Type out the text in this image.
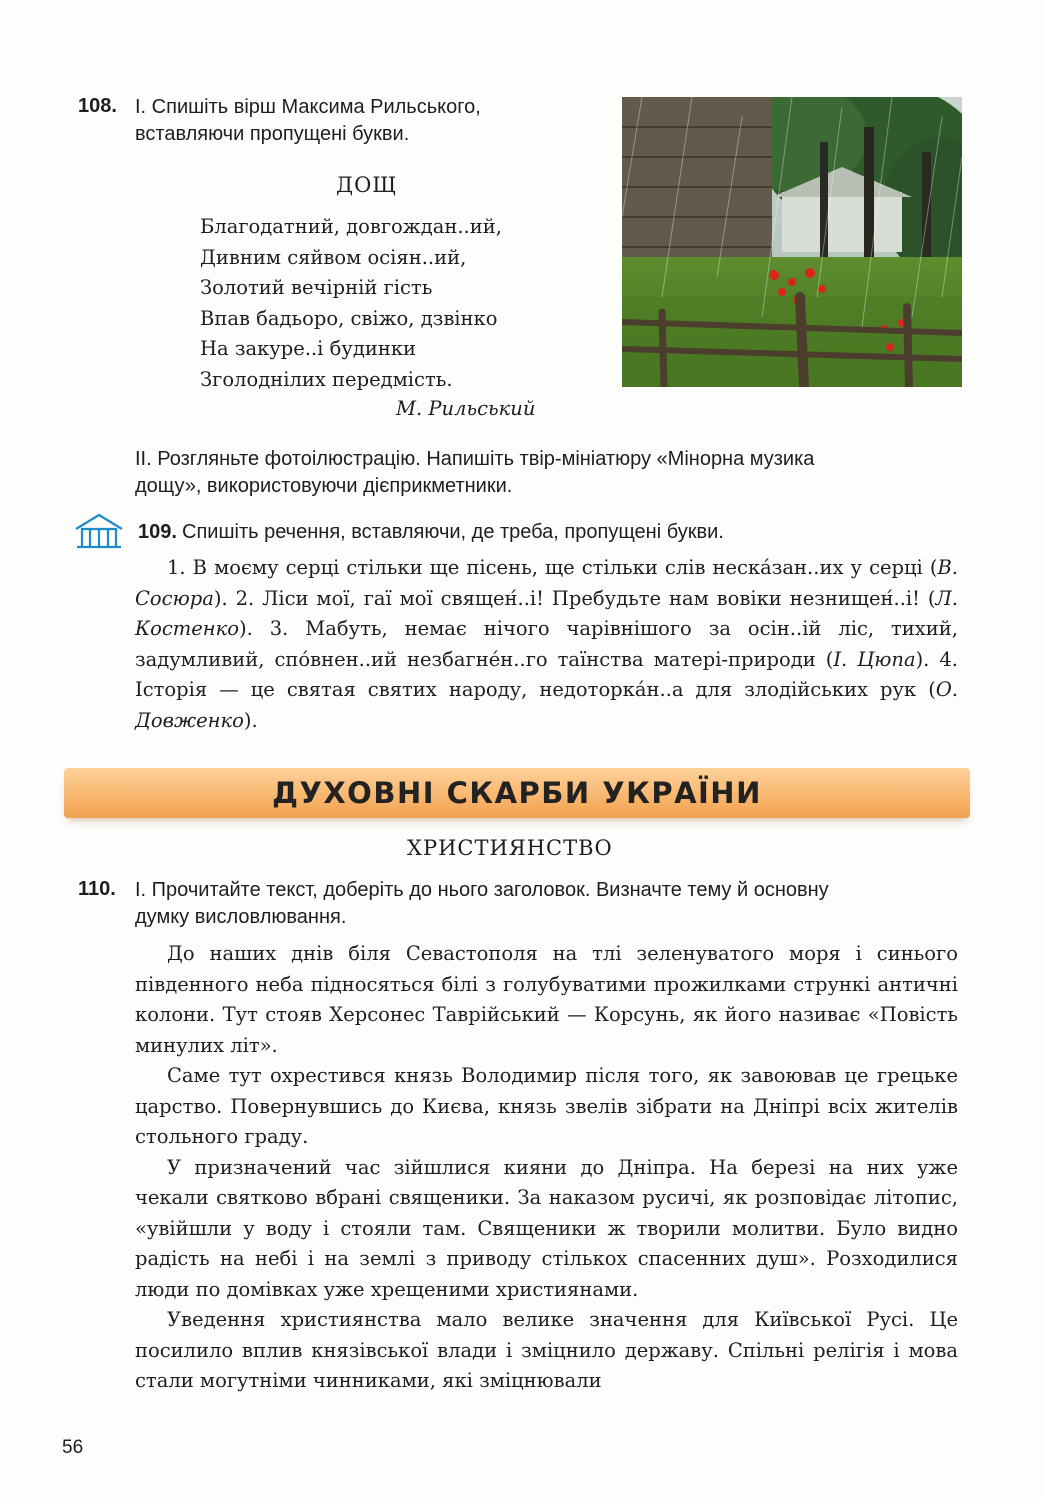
108. І. Спишіть вірш Максима Рильського,
вставляючи пропущені букви.
ДОЩ
Благодатний, довгождан..ий,
Дивним сяйвом осіян..ий,
Золотий вечірній гість
Впав бадьоро, свіжо, дзвінко
На закуре..і будинки
Зголоднілих передмість.
М. Рильський
ІІ. Розгляньте фотоілюстрацію. Напишіть твір-мініатюру «Мінорна музика
дощу», використовуючи дієприкметники.
109. Спишіть речення, вставляючи, де треба, пропущені букви.
1. В моєму серці стільки ще пісень, ще стільки слів неска́зан..их у серці (В. Сосюра). 2. Ліси мої, гаї мої священ́..і! Пребудьте нам вовіки незнищен́..і! (Л. Костенко). 3. Мабуть, немає нічого чарівнішого за осін..ій ліс, тихий, задумливий, спо́внен..ий незбагне́н..го таїнства матері-природи (І. Цюпа). 4. Історія — це святая святих народу, недоторка́н..а для злодійських рук (О. Довженко).
ДУХОВНІ СКАРБИ УКРАЇНИ
ХРИСТИЯНСТВО
110. І. Прочитайте текст, доберіть до нього заголовок. Визначте тему й основну
думку висловлювання.
До наших днів біля Севастополя на тлі зеленуватого моря і синього південного неба підносяться білі з голубуватими прожилками стрункі античні колони. Тут стояв Херсонес Таврійський — Корсунь, як його називає «Повість минулих літ».
Саме тут охрестився князь Володимир після того, як завоював це грецьке царство. Повернувшись до Києва, князь звелів зібрати на Дніпрі всіх жителів стольного граду.
У призначений час зійшлися кияни до Дніпра. На березі на них уже чекали святково вбрані священики. За наказом русичі, як розповідає літопис, «увійшли у воду і стояли там. Священики ж творили молитви. Було видно радість на небі і на землі з приводу стількох спасенних душ». Розходилися люди по домівках уже хрещеними християнами.
Уведення християнства мало велике значення для Київської Русі. Це посилило вплив князівської влади і зміцнило державу. Спільні релігія і мова стали могутніми чинниками, які зміцнювали
56
